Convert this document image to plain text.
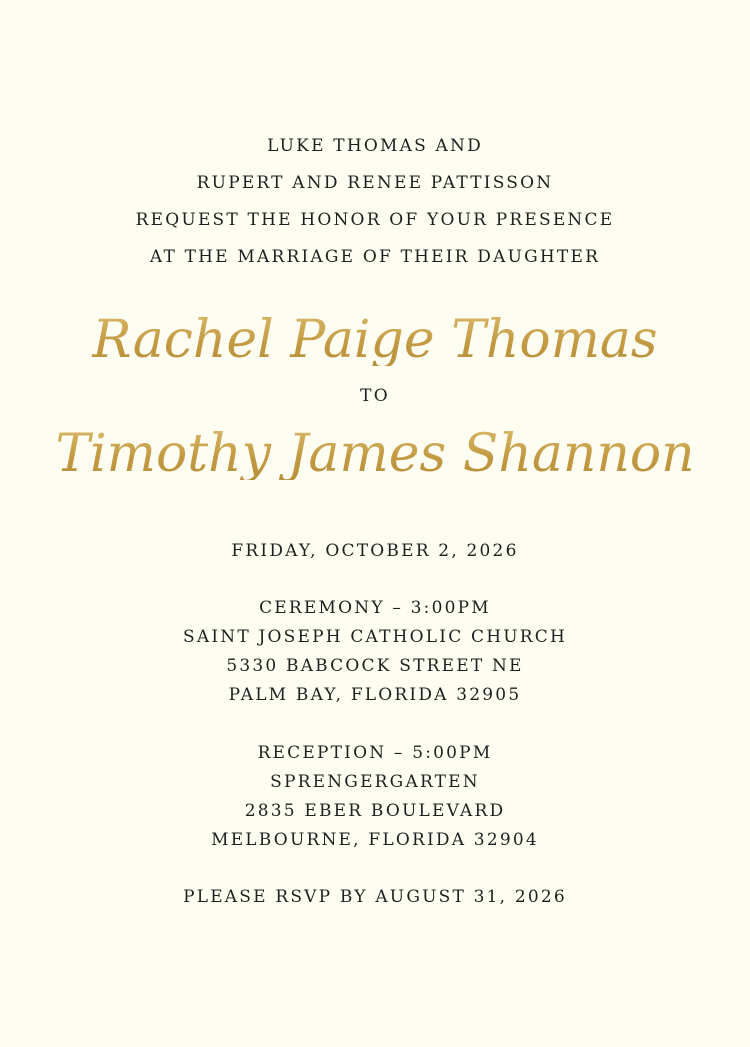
LUKE THOMAS AND
RUPERT AND RENEE PATTISSON
REQUEST THE HONOR OF YOUR PRESENCE
AT THE MARRIAGE OF THEIR DAUGHTER
Rachel Paige Thomas
TO
Timothy James Shannon
FRIDAY, OCTOBER 2, 2026
CEREMONY – 3:00PM
SAINT JOSEPH CATHOLIC CHURCH
5330 BABCOCK STREET NE
PALM BAY, FLORIDA 32905
RECEPTION – 5:00PM
SPRENGERGARTEN
2835 EBER BOULEVARD
MELBOURNE, FLORIDA 32904
PLEASE RSVP BY AUGUST 31, 2026
